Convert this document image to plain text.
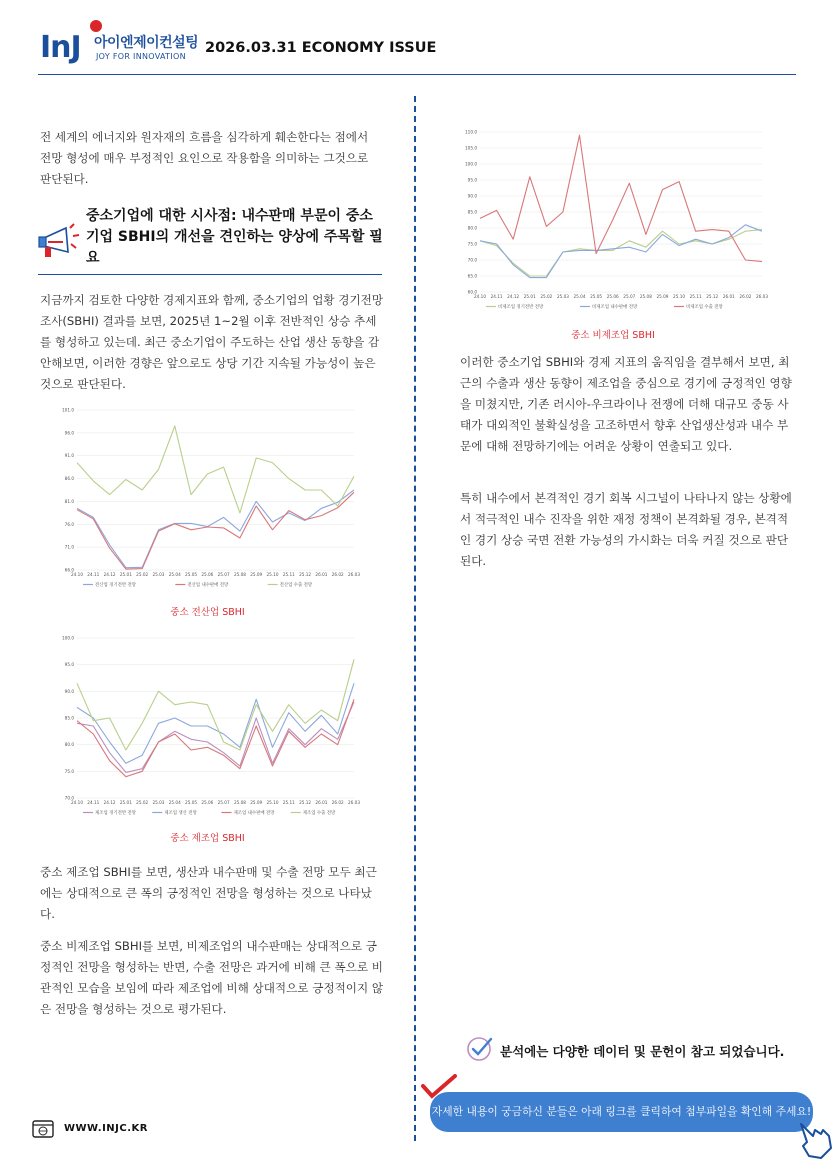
InJ 아이엔제이컨설팅
JOY FOR INNOVATION
2026.03.31 ECONOMY ISSUE
전 세계의 에너지와 원자재의 흐름을 심각하게 훼손한다는 점에서 전망 형성에 매우 부정적인 요인으로 작용함을 의미하는 그것으로 판단된다.
중소기업에 대한 시사점: 내수판매 부문이 중소기업 SBHI의 개선을 견인하는 양상에 주목할 필요
지금까지 검토한 다양한 경제지표와 함께, 중소기업의 업황 경기전망조사(SBHI) 결과를 보면, 2025년 1~2월 이후 전반적인 상승 추세를 형성하고 있는데. 최근 중소기업이 주도하는 산업 생산 동향을 감안해보면, 이러한 경향은 앞으로도 상당 기간 지속될 가능성이 높은 것으로 판단된다.
101.0
96.0
91.0
86.0
81.0
76.0
71.0
66.0
24.10 24.11 24.12 25.01 25.02 25.03 25.04 25.05 25.06 25.07 25.08 25.09 25.10 25.11 25.12 26.01 26.02 26.03
전산업 경기전반 전망	전산업 내수판매 전망	전산업 수출 전망
중소 전산업 SBHI
100.0
95.0
90.0
85.0
80.0
75.0
70.0
24.10 24.11 24.12 25.01 25.02 25.03 25.04 25.05 25.06 25.07 25.08 25.09 25.10 25.11 25.12 26.01 26.02 26.03
제조업 경기전반 전망	제조업 생산 전망	제조업 내수판매 전망	제조업 수출 전망
중소 제조업 SBHI
중소 제조업 SBHI를 보면, 생산과 내수판매 및 수출 전망 모두 최근에는 상대적으로 큰 폭의 긍정적인 전망을 형성하는 것으로 나타났다.
중소 비제조업 SBHI를 보면, 비제조업의 내수판매는 상대적으로 긍정적인 전망을 형성하는 반면, 수출 전망은 과거에 비해 큰 폭으로 비관적인 모습을 보임에 따라 제조업에 비해 상대적으로 긍정적이지 않은 전망을 형성하는 것으로 평가된다.
110.0
105.0
100.0
95.0
90.0
85.0
80.0
75.0
70.0
65.0
60.0
24.10 24.11 24.12 25.01 25.02 25.03 25.04 25.05 25.06 25.07 25.08 25.09 25.10 25.11 25.12 26.01 26.02 26.03
비제조업 경기전반 전망	비제조업 내수판매 전망	비제조업 수출 전망
중소 비제조업 SBHI
이러한 중소기업 SBHI와 경제 지표의 움직임을 결부해서 보면, 최근의 수출과 생산 동향이 제조업을 중심으로 경기에 긍정적인 영향을 미쳤지만, 기존 러시아-우크라이나 전쟁에 더해 대규모 중동 사태가 대외적인 불확실성을 고조하면서 향후 산업생산성과 내수 부문에 대해 전망하기에는 어려운 상황이 연출되고 있다.
특히 내수에서 본격적인 경기 회복 시그널이 나타나지 않는 상황에서 적극적인 내수 진작을 위한 재정 정책이 본격화될 경우, 본격적인 경기 상승 국면 전환 가능성의 가시화는 더욱 커질 것으로 판단된다.
분석에는 다양한 데이터 및 문헌이 참고 되었습니다.
자세한 내용이 궁금하신 분들은 아래 링크를 클릭하여 첨부파일을 확인해 주세요!
WWW.INJC.KR
